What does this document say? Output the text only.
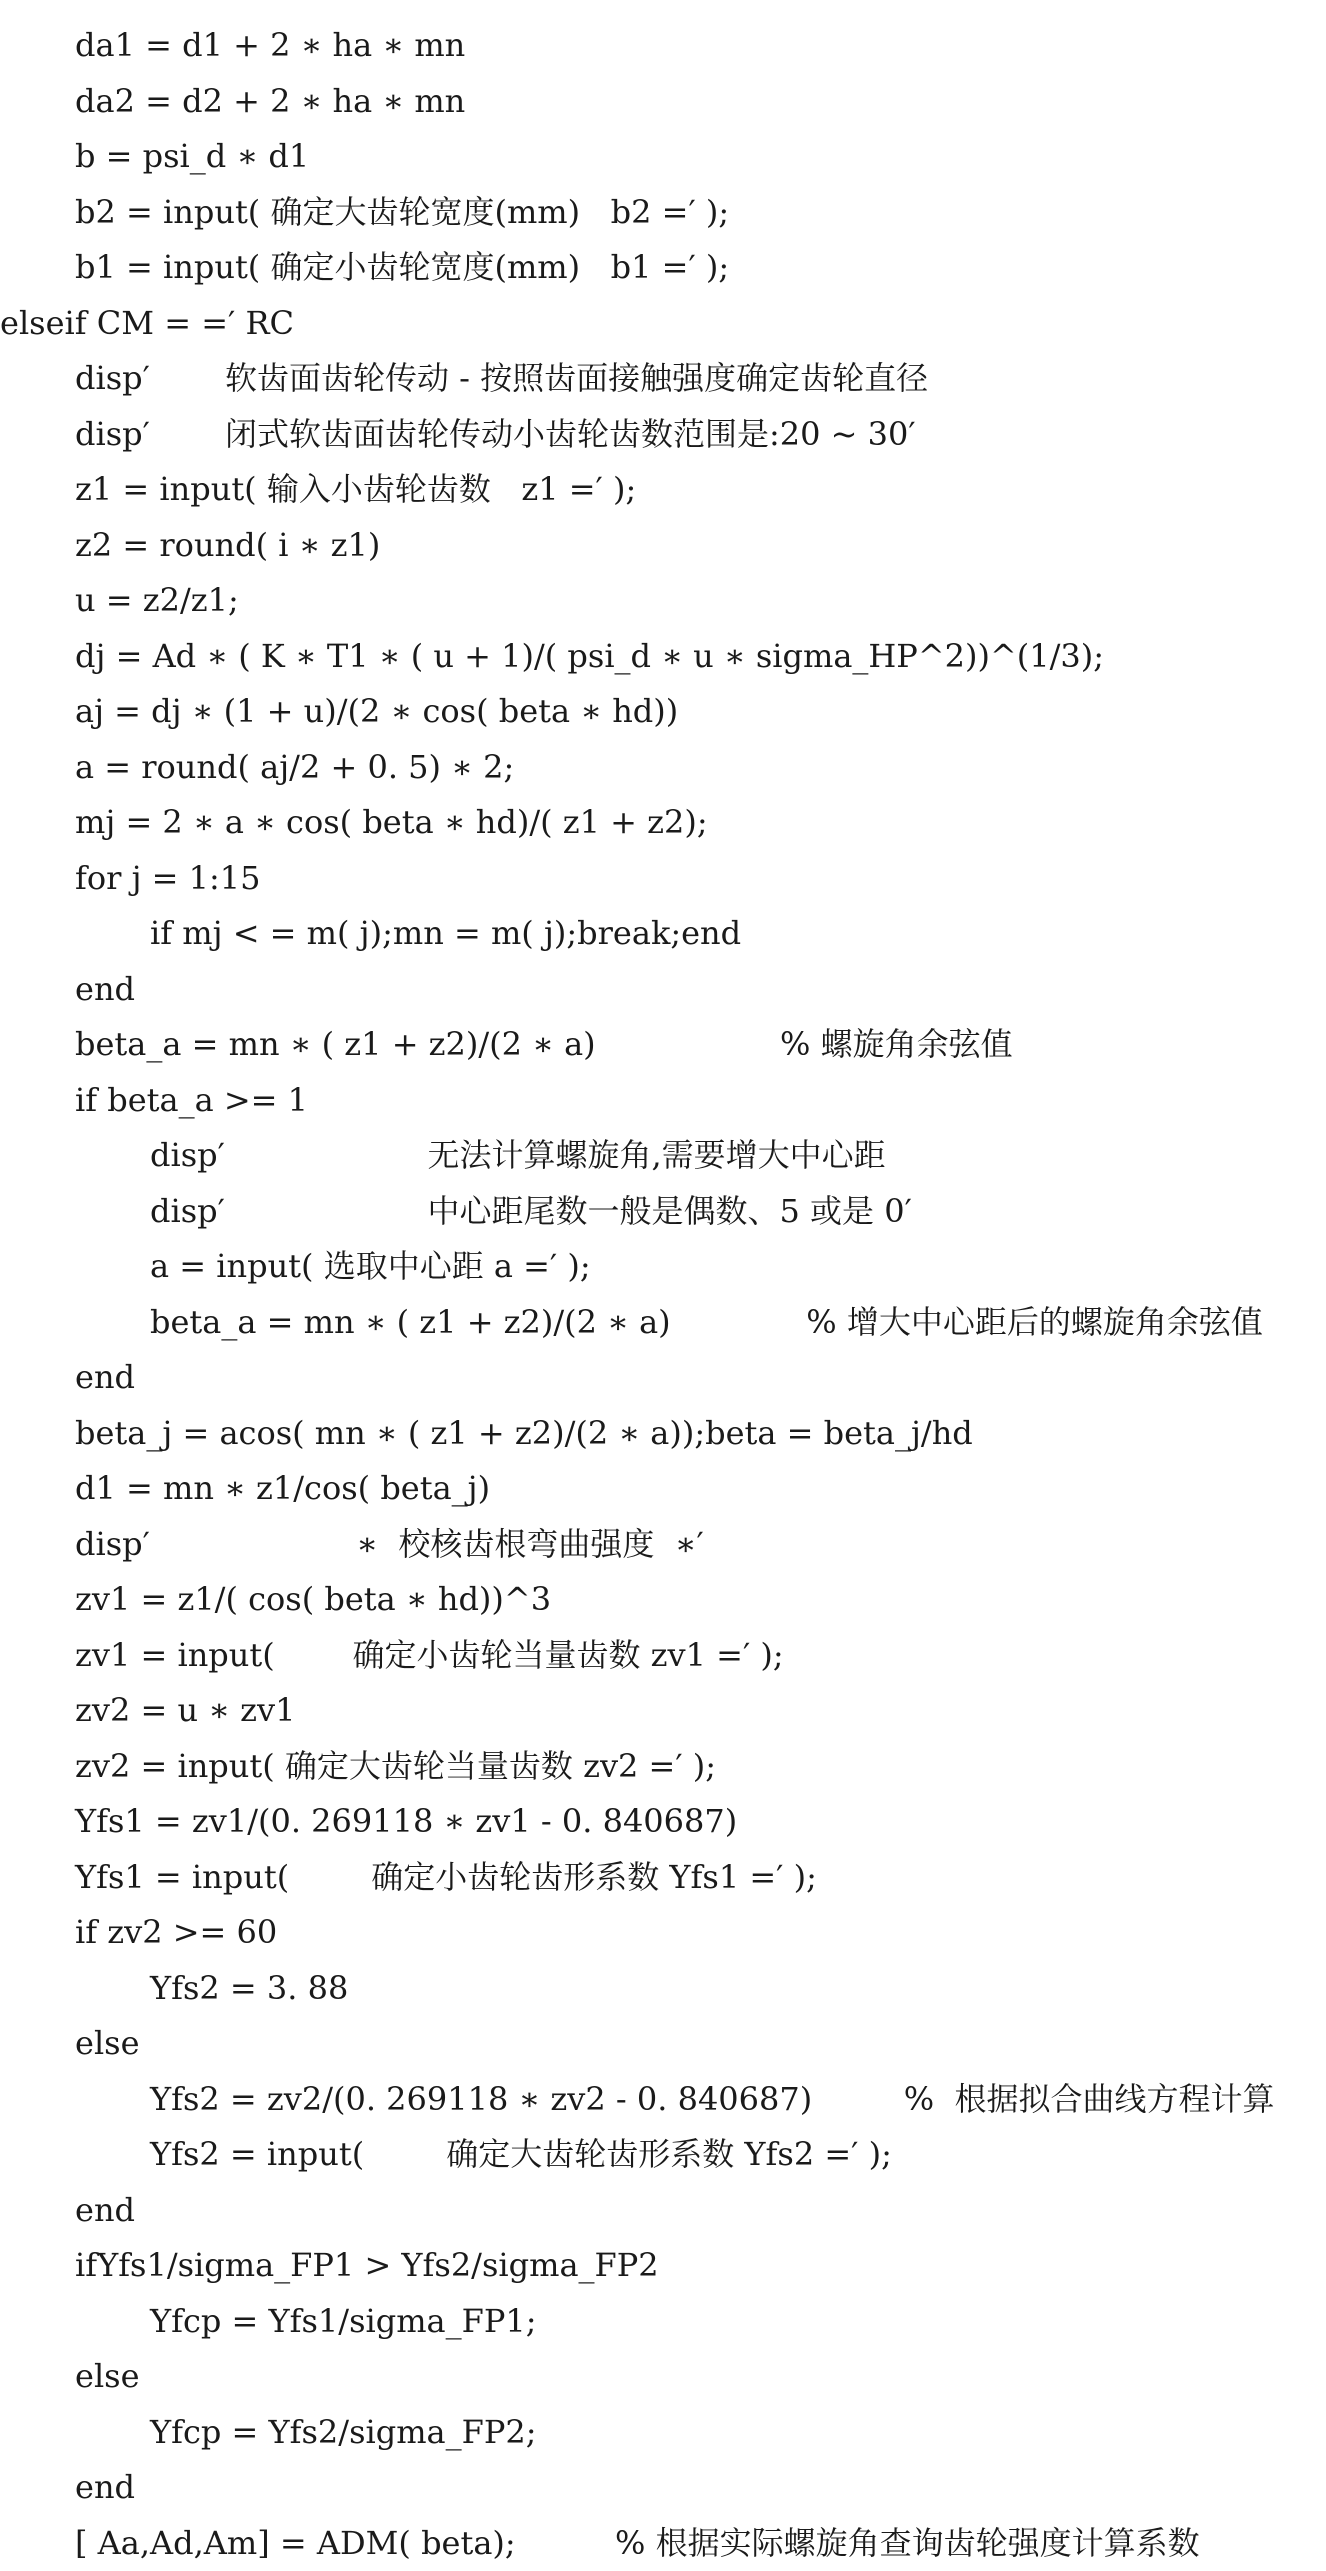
da1 = d1 + 2 ∗ ha ∗ mn
da2 = d2 + 2 ∗ ha ∗ mn
b = psi_d ∗ d1
b2 = input( 确定大齿轮宽度(mm)   b2 =′ );
b1 = input( 确定小齿轮宽度(mm)   b1 =′ );
elseif CM = =′ RC
disp′ 软齿面齿轮传动 - 按照齿面接触强度确定齿轮直径
disp′ 闭式软齿面齿轮传动小齿轮齿数范围是:20 ~ 30′
z1 = input( 输入小齿轮齿数   z1 =′ );
z2 = round( i ∗ z1)
u = z2/z1;
dj = Ad ∗ ( K ∗ T1 ∗ ( u + 1)/( psi_d ∗ u ∗ sigma_HP^2))^(1/3);
aj = dj ∗ (1 + u)/(2 ∗ cos( beta ∗ hd))
a = round( aj/2 + 0. 5) ∗ 2;
mj = 2 ∗ a ∗ cos( beta ∗ hd)/( z1 + z2);
for j = 1:15
if mj < = m( j);mn = m( j);break;end
end
beta_a = mn ∗ ( z1 + z2)/(2 ∗ a)	% 螺旋角余弦值
if beta_a >= 1
disp′	无法计算螺旋角,需要增大中心距
disp′	中心距尾数一般是偶数、5 或是 0′
a = input( 选取中心距 a =′ );
beta_a = mn ∗ ( z1 + z2)/(2 ∗ a)	% 增大中心距后的螺旋角余弦值
end
beta_j = acos( mn ∗ ( z1 + z2)/(2 ∗ a));beta = beta_j/hd
d1 = mn ∗ z1/cos( beta_j)
disp′	∗  校核齿根弯曲强度  ∗′
zv1 = z1/( cos( beta ∗ hd))^3
zv1 = input( 确定小齿轮当量齿数 zv1 =′ );
zv2 = u ∗ zv1
zv2 = input( 确定大齿轮当量齿数 zv2 =′ );
Yfs1 = zv1/(0. 269118 ∗ zv1 - 0. 840687)
Yfs1 = input(	确定小齿轮齿形系数 Yfs1 =′ );
if zv2 >= 60
Yfs2 = 3. 88
else
Yfs2 = zv2/(0. 269118 ∗ zv2 - 0. 840687)	%  根据拟合曲线方程计算
Yfs2 = input(	确定大齿轮齿形系数 Yfs2 =′ );
end
ifYfs1/sigma_FP1 > Yfs2/sigma_FP2
Yfcp = Yfs1/sigma_FP1;
else
Yfcp = Yfs2/sigma_FP2;
end
[ Aa,Ad,Am] = ADM( beta);	% 根据实际螺旋角查询齿轮强度计算系数
